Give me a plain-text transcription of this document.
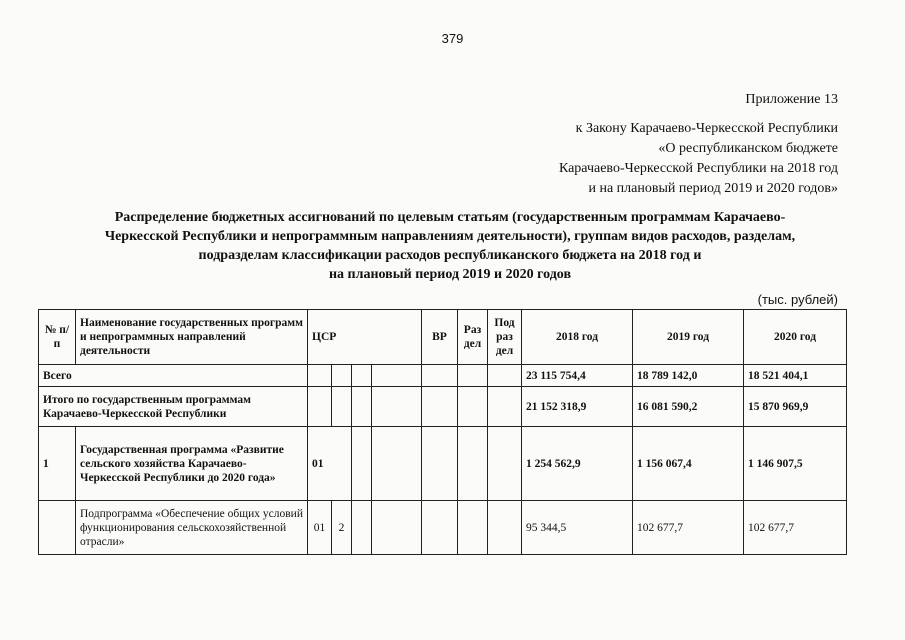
379
Приложение 13
к Закону Карачаево-Черкесской Республики
«О республиканском бюджете
Карачаево-Черкесской Республики на 2018 год
и на плановый период 2019 и 2020 годов»
Распределение бюджетных ассигнований по целевым статьям (государственным программам Карачаево-
Черкесской Республики и непрограммным направлениям деятельности), группам видов расходов, разделам,
подразделам классификации расходов республиканского бюджета на 2018 год и
на плановый период 2019 и 2020 годов
(тыс. рублей)
№ п/п	Наименование государственных программ и непрограммных направлений деятельности	ЦСР				ВР	Раз дел	Под раз дел	2018 год	2019 год	2020 год
Всего									23 115 754,4	18 789 142,0	18 521 404,1
Итого по государственным программам Карачаево-Черкесской Республики									21 152 318,9	16 081 590,2	15 870 969,9
1	Государственная программа «Развитие сельского хозяйства Карачаево-Черкесской Республики до 2020 года»	01							1 254 562,9	1 156 067,4	1 146 907,5
	Подпрограмма «Обеспечение общих условий функционирования сельскохозяйственной отрасли»	01	2						95 344,5	102 677,7	102 677,7
